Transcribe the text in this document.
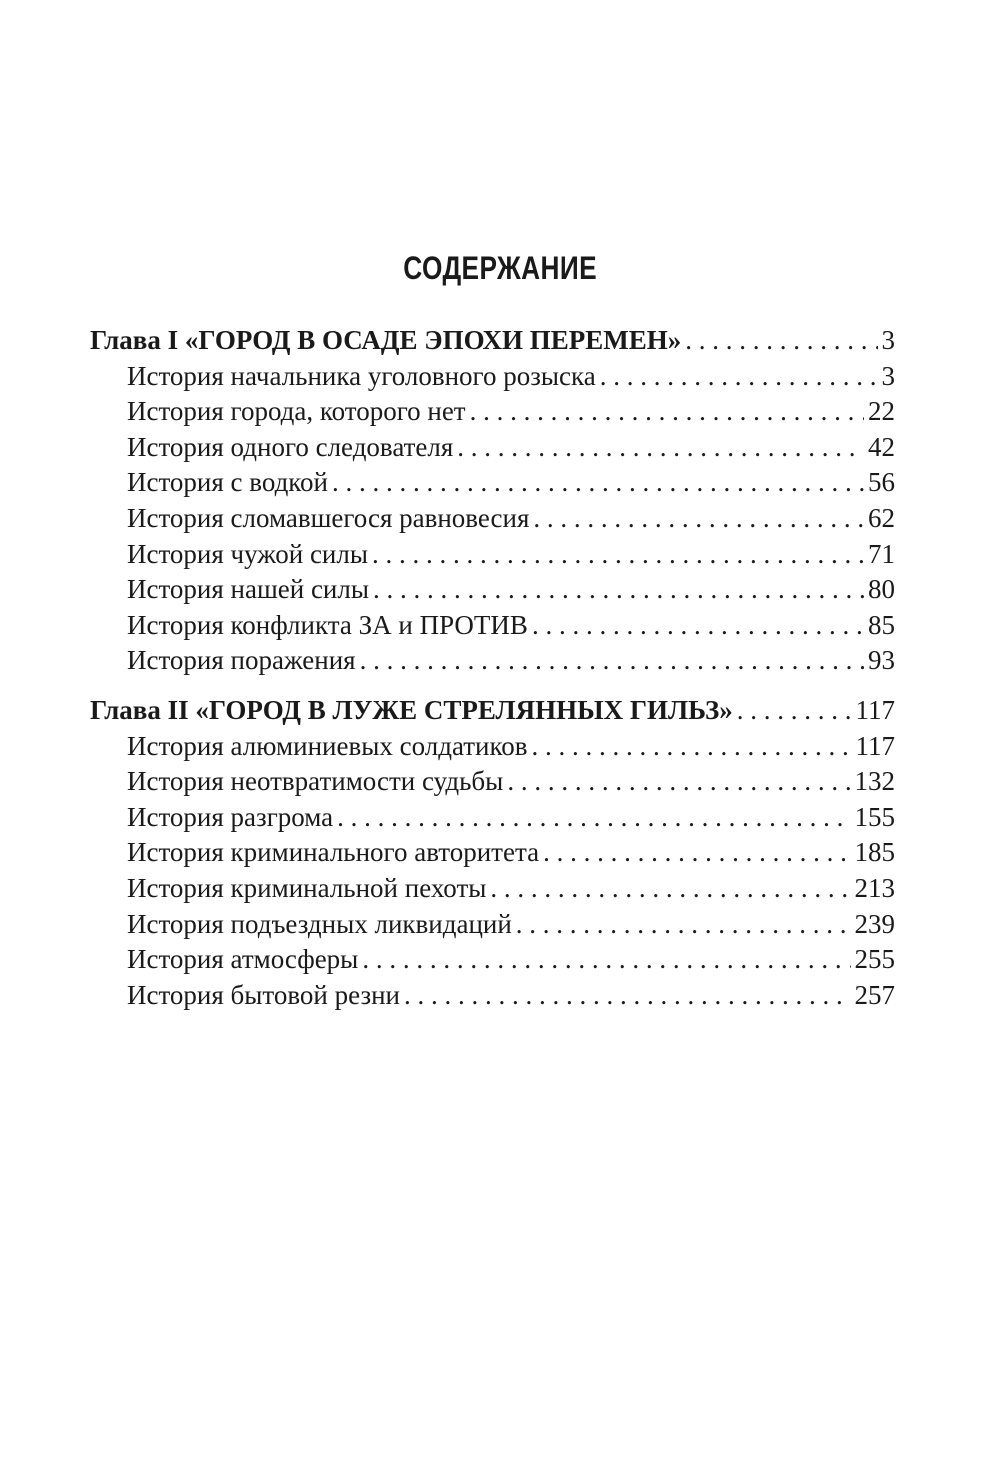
СОДЕРЖАНИЕ
Глава I «ГОРОД В ОСАДЕ ЭПОХИ ПЕРЕМЕН» . . .	3
История начальника уголовного розыска . . .	3
История города, которого нет . . .	22
История одного следователя . . .	42
История с водкой . . .	56
История сломавшегося равновесия . . .	62
История чужой силы . . .	71
История нашей силы . . .	80
История конфликта ЗА и ПРОТИВ . . .	85
История поражения . . .	93
Глава II «ГОРОД В ЛУЖЕ СТРЕЛЯННЫХ ГИЛЬЗ» . . .	117
История алюминиевых солдатиков . . .	117
История неотвратимости судьбы . . .	132
История разгрома . . .	155
История криминального авторитета . . .	185
История криминальной пехоты . . .	213
История подъездных ликвидаций . . .	239
История атмосферы . . .	255
История бытовой резни . . .	257
